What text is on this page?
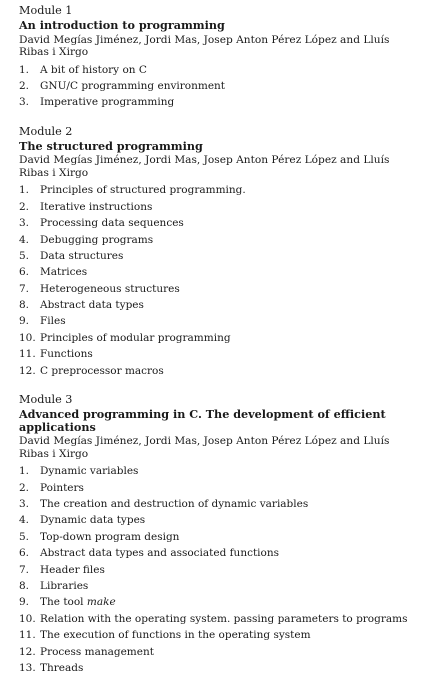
Module 1
An introduction to programming
David Megías Jiménez, Jordi Mas, Josep Anton Pérez López and Lluís Ribas i Xirgo
1.	A bit of history on C
2.	GNU/C programming environment
3.	Imperative programming
Module 2
The structured programming
David Megías Jiménez, Jordi Mas, Josep Anton Pérez López and Lluís Ribas i Xirgo
1.	Principles of structured programming.
2.	Iterative instructions
3.	Processing data sequences
4.	Debugging programs
5.	Data structures
6.	Matrices
7.	Heterogeneous structures
8.	Abstract data types
9.	Files
10. Principles of modular programming
11. Functions
12. C preprocessor macros
Module 3
Advanced programming in C. The development of efficient applications
David Megías Jiménez, Jordi Mas, Josep Anton Pérez López and Lluís Ribas i Xirgo
1.	Dynamic variables
2.	Pointers
3.	The creation and destruction of dynamic variables
4.	Dynamic data types
5.	Top-down program design
6.	Abstract data types and associated functions
7.	Header files
8.	Libraries
9.	The tool make
10. Relation with the operating system. passing parameters to programs
11. The execution of functions in the operating system
12. Process management
13. Threads
